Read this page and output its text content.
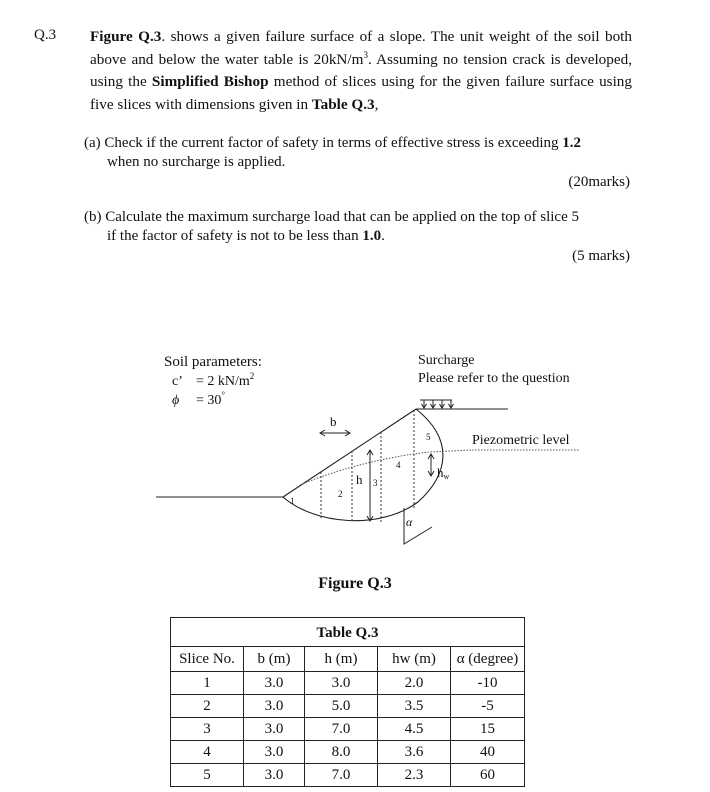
Q.3 Figure Q.3. shows a given failure surface of a slope. The unit weight of the soil both above and below the water table is $20kN/m^3$. Assuming no tension crack is developed, using the Simplified Bishop method of slices using for the given failure surface using five slices with dimensions given in Table Q.3,
(a) Check if the current factor of safety in terms of effective stress is exceeding 1.2
when no surcharge is applied.
(20marks)
(b) Calculate the maximum surcharge load that can be applied on the top of slice 5
if the factor of safety is not to be less than 1.0.
(5 marks)
Soil parameters:
c’ = 2 $kN/m^2$
ϕ = 30°
Surcharge
Please refer to the question
Piezometric level
1
2
3
4
5
b
h	hw
α
Figure Q.3
Table Q.3				
Slice No.	b (m)	h (m)	hw (m)	α (degree)
1	3.0	3.0	2.0	-10
2	3.0	5.0	3.5	-5
3	3.0	7.0	4.5	15
4	3.0	8.0	3.6	40
5	3.0	7.0	2.3	60
